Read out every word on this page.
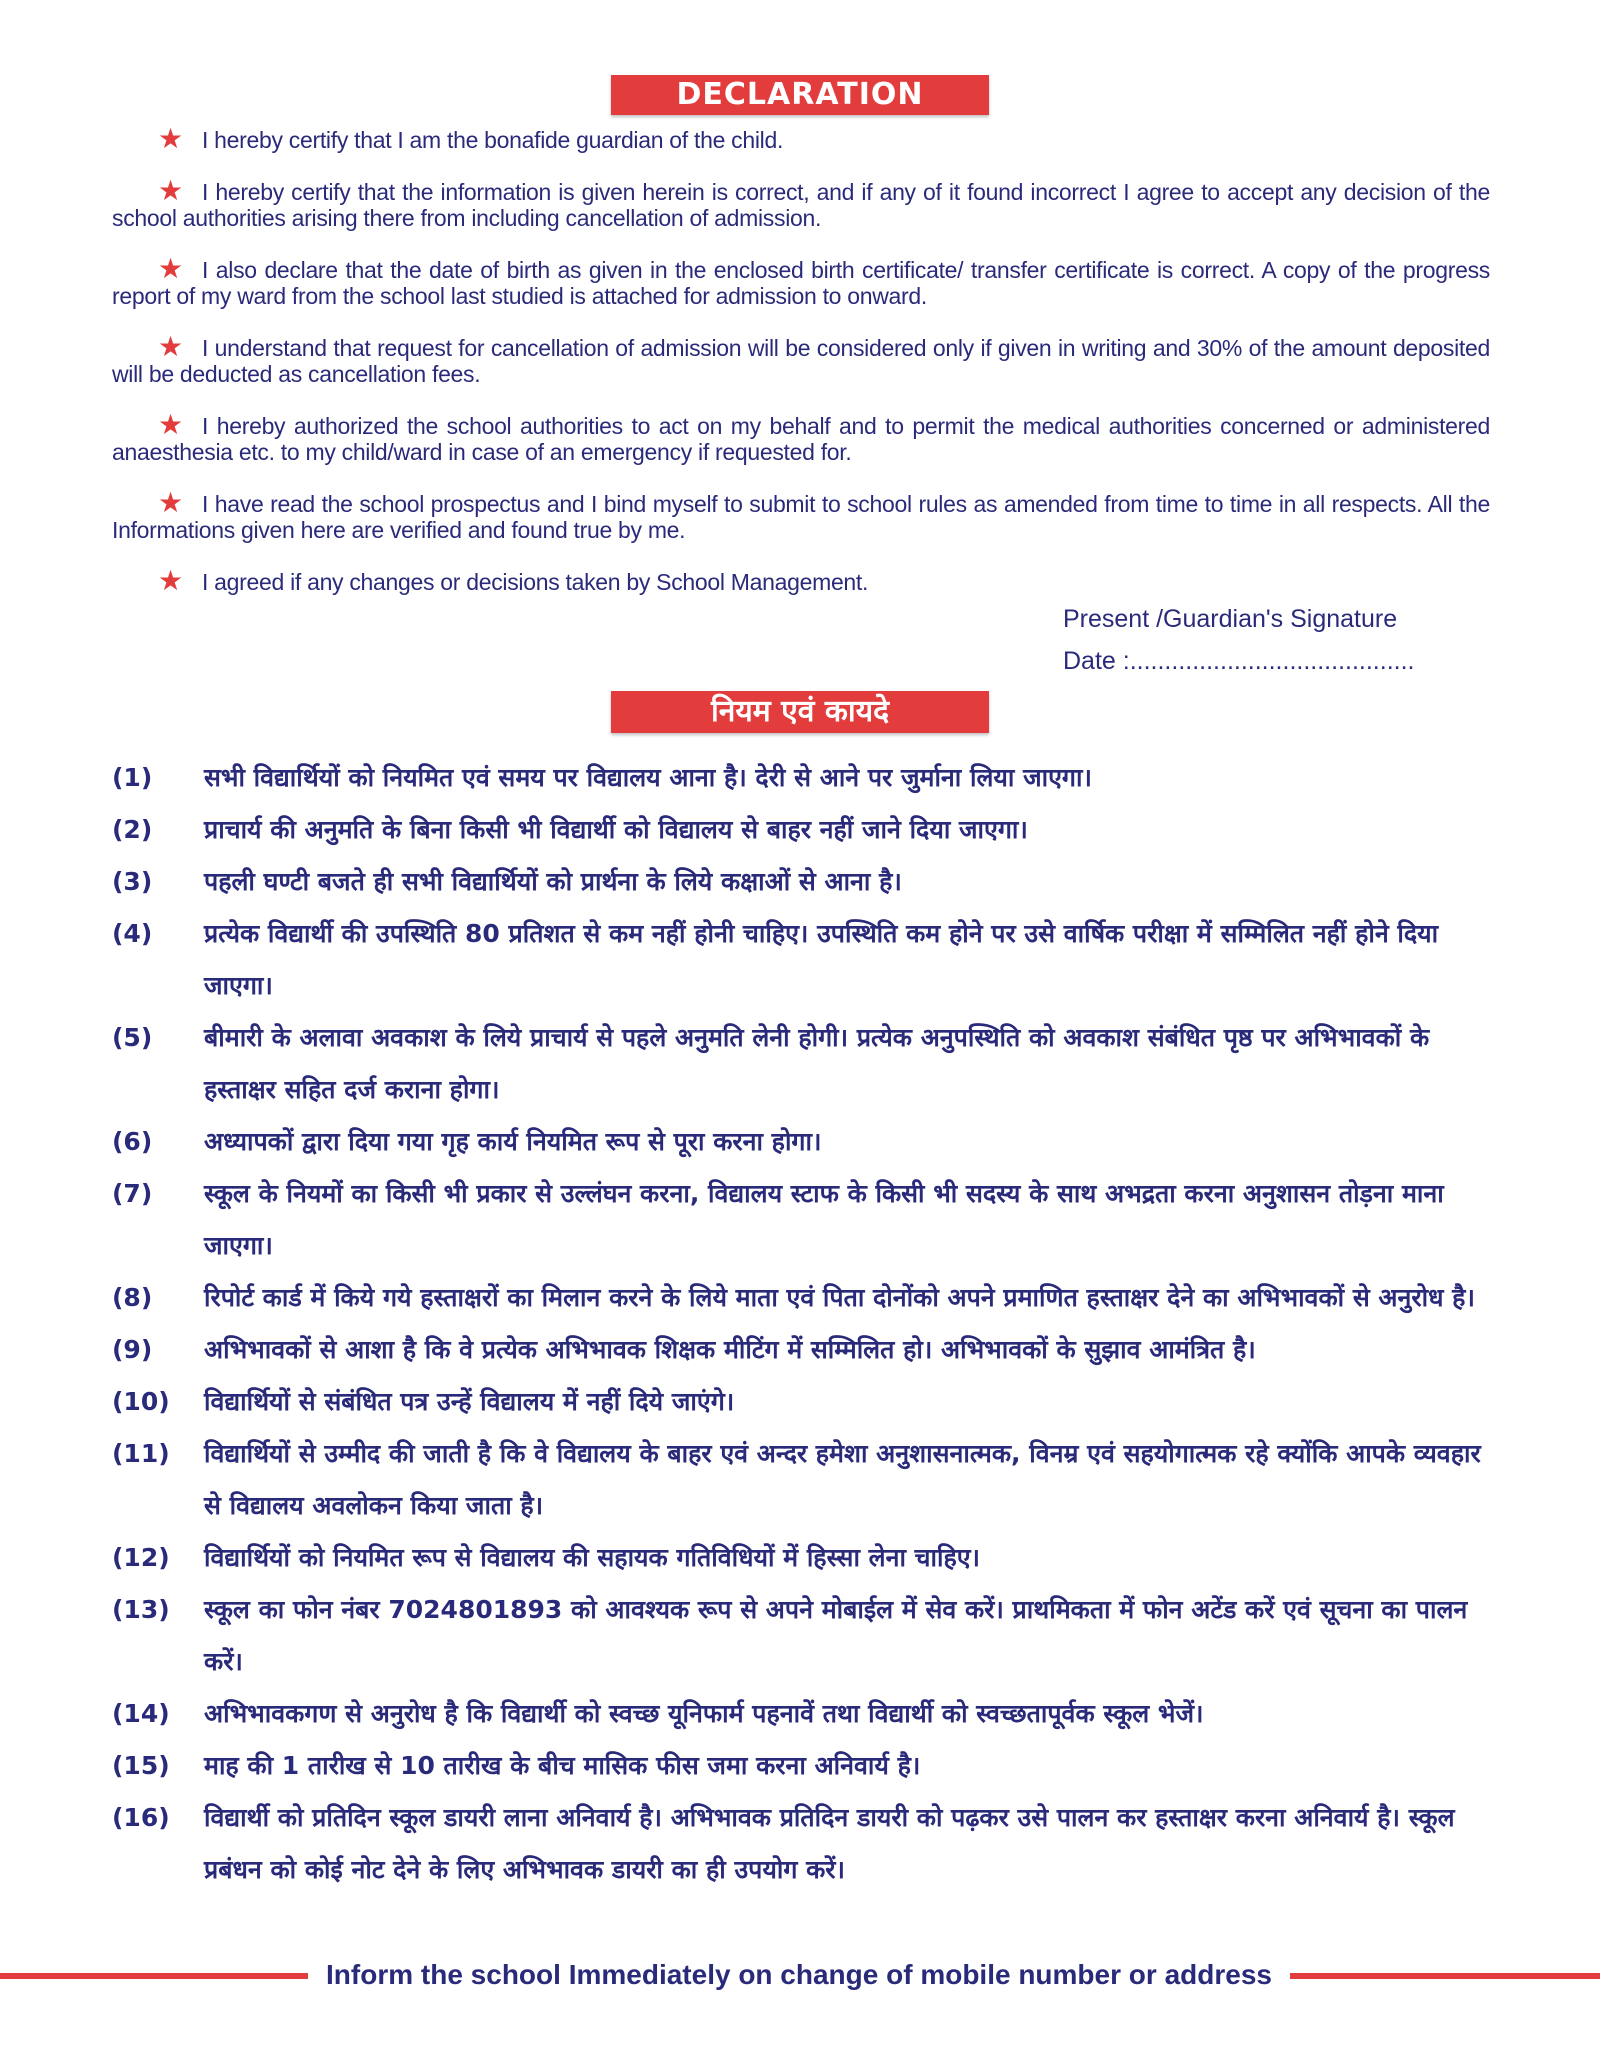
DECLARATION
★ I hereby certify that I am the bonafide guardian of the child.
★ I hereby certify that the information is given herein is correct, and if any of it found incorrect I agree to accept any decision of the school authorities arising there from including cancellation of admission.
★ I also declare that the date of birth as given in the enclosed birth certificate/ transfer certificate is correct. A copy of the progress report of my ward from the school last studied is attached for admission to onward.
★ I understand that request for cancellation of admission will be considered only if given in writing and 30% of the amount deposited will be deducted as cancellation fees.
★ I hereby authorized the school authorities to act on my behalf and to permit the medical authorities concerned or administered anaesthesia etc. to my child/ward in case of an emergency if requested for.
★ I have read the school prospectus and I bind myself to submit to school rules as amended from time to time in all respects. All the Informations given here are verified and found true by me.
★ I agreed if any changes or decisions taken by School Management.
Present /Guardian's Signature
Date :.........................................
नियम एवं कायदे
(1)	सभी विद्यार्थियों को नियमित एवं समय पर विद्यालय आना है। देरी से आने पर जुर्माना लिया जाएगा।
(2)	प्राचार्य की अनुमति के बिना किसी भी विद्यार्थी को विद्यालय से बाहर नहीं जाने दिया जाएगा।
(3)	पहली घण्टी बजते ही सभी विद्यार्थियों को प्रार्थना के लिये कक्षाओं से आना है।
(4)	प्रत्येक विद्यार्थी की उपस्थिति 80 प्रतिशत से कम नहीं होनी चाहिए। उपस्थिति कम होने पर उसे वार्षिक परीक्षा में सम्मिलित नहीं होने दिया जाएगा।
(5)	बीमारी के अलावा अवकाश के लिये प्राचार्य से पहले अनुमति लेनी होगी। प्रत्येक अनुपस्थिति को अवकाश संबंधित पृष्ठ पर अभिभावकों के हस्ताक्षर सहित दर्ज कराना होगा।
(6)	अध्यापकों द्वारा दिया गया गृह कार्य नियमित रूप से पूरा करना होगा।
(7)	स्कूल के नियमों का किसी भी प्रकार से उल्लंघन करना, विद्यालय स्टाफ के किसी भी सदस्य के साथ अभद्रता करना अनुशासन तोड़ना माना जाएगा।
(8)	रिपोर्ट कार्ड में किये गये हस्ताक्षरों का मिलान करने के लिये माता एवं पिता दोनोंको अपने प्रमाणित हस्ताक्षर देने का अभिभावकों से अनुरोध है।
(9)	अभिभावकों से आशा है कि वे प्रत्येक अभिभावक शिक्षक मीटिंग में सम्मिलित हो। अभिभावकों के सुझाव आमंत्रित है।
(10)	विद्यार्थियों से संबंधित पत्र उन्हें विद्यालय में नहीं दिये जाएंगे।
(11)	विद्यार्थियों से उम्मीद की जाती है कि वे विद्यालय के बाहर एवं अन्दर हमेशा अनुशासनात्मक, विनम्र एवं सहयोगात्मक रहे क्योंकि आपके व्यवहार से विद्यालय अवलोकन किया जाता है।
(12)	विद्यार्थियों को नियमित रूप से विद्यालय की सहायक गतिविधियों में हिस्सा लेना चाहिए।
(13)	स्कूल का फोन नंबर 7024801893 को आवश्यक रूप से अपने मोबाईल में सेव करें। प्राथमिकता में फोन अटेंड करें एवं सूचना का पालन करें।
(14)	अभिभावकगण से अनुरोध है कि विद्यार्थी को स्वच्छ यूनिफार्म पहनावें तथा विद्यार्थी को स्वच्छतापूर्वक स्कूल भेजें।
(15)	माह की 1 तारीख से 10 तारीख के बीच मासिक फीस जमा करना अनिवार्य है।
(16)	विद्यार्थी को प्रतिदिन स्कूल डायरी लाना अनिवार्य है। अभिभावक प्रतिदिन डायरी को पढ़कर उसे पालन कर हस्ताक्षर करना अनिवार्य है। स्कूल प्रबंधन को कोई नोट देने के लिए अभिभावक डायरी का ही उपयोग करें।
Inform the school Immediately on change of mobile number or address
